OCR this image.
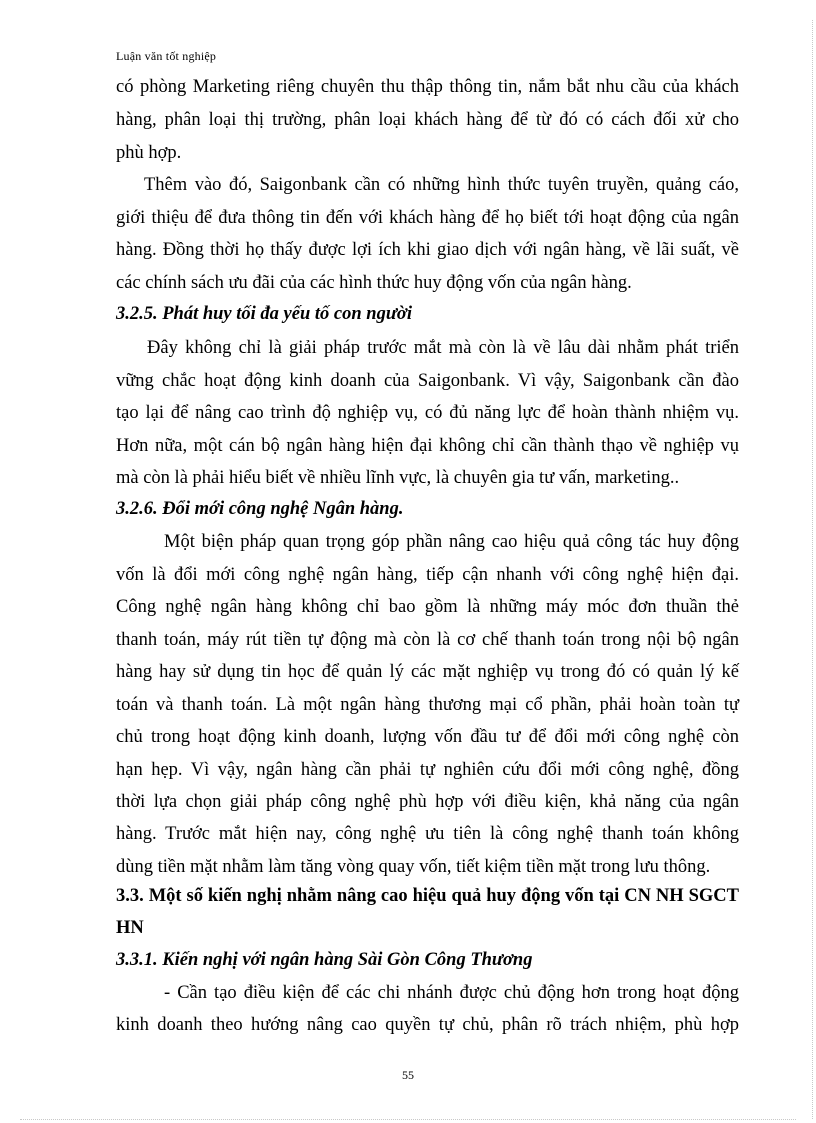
Luận văn tốt nghiệp
có phòng Marketing riêng chuyên thu thập thông tin, nắm bắt nhu cầu của khách
hàng, phân loại thị trường, phân loại khách hàng để từ đó có cách đối xử cho
phù hợp.
Thêm vào đó, Saigonbank cần có những hình thức tuyên truyền, quảng cáo,
giới thiệu để đưa thông tin đến với khách hàng để họ biết tới hoạt động của ngân
hàng. Đồng thời họ thấy được lợi ích khi giao dịch với ngân hàng, về lãi suất, về
các chính sách ưu đãi của các hình thức huy động vốn của ngân hàng.
3.2.5. Phát huy tối đa yếu tố con người
Đây không chỉ là giải pháp trước mắt mà còn là về lâu dài nhằm phát triển
vững chắc hoạt động kinh doanh của Saigonbank. Vì vậy, Saigonbank cần đào
tạo lại để nâng cao trình độ nghiệp vụ, có đủ năng lực để hoàn thành nhiệm vụ.
Hơn nữa, một cán bộ ngân hàng hiện đại không chỉ cần thành thạo về nghiệp vụ
mà còn là phải hiểu biết về nhiều lĩnh vực, là chuyên gia tư vấn, marketing..
3.2.6. Đổi mới công nghệ Ngân hàng.
Một biện pháp quan trọng góp phần nâng cao hiệu quả công tác huy động
vốn là đổi mới công nghệ ngân hàng, tiếp cận nhanh với công nghệ hiện đại.
Công nghệ ngân hàng không chỉ bao gồm là những máy móc đơn thuần thẻ
thanh toán, máy rút tiền tự động mà còn là cơ chế thanh toán trong nội bộ ngân
hàng hay sử dụng tin học để quản lý các mặt nghiệp vụ trong đó có quản lý kế
toán và thanh toán. Là một ngân hàng thương mại cổ phần, phải hoàn toàn tự
chủ trong hoạt động kinh doanh, lượng vốn đầu tư để đổi mới công nghệ còn
hạn hẹp. Vì vậy, ngân hàng cần phải tự nghiên cứu đổi mới công nghệ, đồng
thời lựa chọn giải pháp công nghệ phù hợp với điều kiện, khả năng của ngân
hàng. Trước mắt hiện nay, công nghệ ưu tiên là công nghệ thanh toán không
dùng tiền mặt nhằm làm tăng vòng quay vốn, tiết kiệm tiền mặt trong lưu thông.
3.3. Một số kiến nghị nhằm nâng cao hiệu quả huy động vốn tại CN NH SGCT
HN
3.3.1. Kiến nghị với ngân hàng Sài Gòn Công Thương
- Cần tạo điều kiện để các chi nhánh được chủ động hơn trong hoạt động
kinh doanh theo hướng nâng cao quyền tự chủ, phân rõ trách nhiệm, phù hợp
55
